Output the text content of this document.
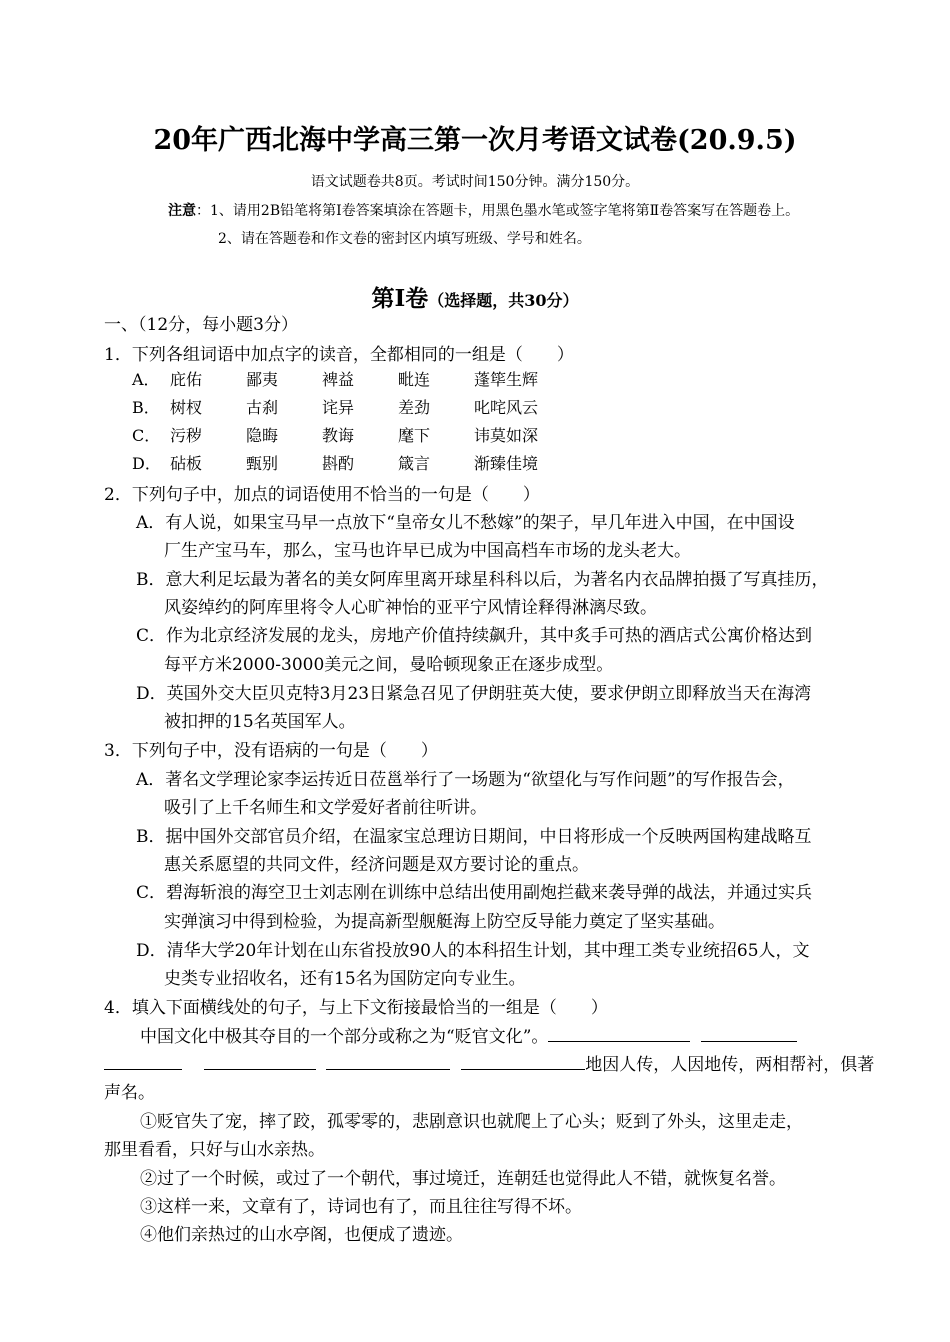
20年广西北海中学高三第一次月考语文试卷(20.9.5)
语文试题卷共8页。考试时间150分钟。满分150分。
注意：1、请用2B铅笔将第Ⅰ卷答案填涂在答题卡，用黑色墨水笔或签字笔将第Ⅱ卷答案写在答题卷上。
2、请在答题卷和作文卷的密封区内填写班级、学号和姓名。
第Ⅰ卷（选择题，共30分）
一、（12分，每小题3分）
1．下列各组词语中加点字的读音，全都相同的一组是（　　）
A． 庇佑	鄙夷	裨益	毗连	蓬筚生辉
B． 树杈	古刹	诧异	差劲	叱咤风云
C． 污秽	隐晦	教诲	麾下	讳莫如深
D． 砧板	甄别	斟酌	箴言	渐臻佳境
2．下列句子中，加点的词语使用不恰当的一句是（　　）
A．有人说，如果宝马早一点放下“皇帝女儿不愁嫁”的架子，早几年进入中国，在中国设
厂生产宝马车，那么，宝马也许早已成为中国高档车市场的龙头老大。
B．意大利足坛最为著名的美女阿库里离开球星科科以后，为著名内衣品牌拍摄了写真挂历，
风姿绰约的阿库里将令人心旷神怡的亚平宁风情诠释得淋漓尽致。
C．作为北京经济发展的龙头，房地产价值持续飙升，其中炙手可热的酒店式公寓价格达到
每平方米2000-3000美元之间，曼哈顿现象正在逐步成型。
D．英国外交大臣贝克特3月23日紧急召见了伊朗驻英大使，要求伊朗立即释放当天在海湾
被扣押的15名英国军人。
3．下列句子中，没有语病的一句是（　　）
A．著名文学理论家李运抟近日莅邕举行了一场题为“欲望化与写作问题”的写作报告会，
吸引了上千名师生和文学爱好者前往听讲。
B．据中国外交部官员介绍，在温家宝总理访日期间，中日将形成一个反映两国构建战略互
惠关系愿望的共同文件，经济问题是双方要讨论的重点。
C．碧海斩浪的海空卫士刘志刚在训练中总结出使用副炮拦截来袭导弹的战法，并通过实兵
实弹演习中得到检验，为提高新型舰艇海上防空反导能力奠定了坚实基础。
D．清华大学20年计划在山东省投放90人的本科招生计划，其中理工类专业统招65人，文
史类专业招收名，还有15名为国防定向专业生。
4．填入下面横线处的句子，与上下文衔接最恰当的一组是（　　）
中国文化中极其夺目的一个部分或称之为“贬官文化”。
地因人传，人因地传，两相帮衬，俱著
声名。
①贬官失了宠，摔了跤，孤零零的，悲剧意识也就爬上了心头；贬到了外头，这里走走，
那里看看，只好与山水亲热。
②过了一个时候，或过了一个朝代，事过境迁，连朝廷也觉得此人不错，就恢复名誉。
③这样一来，文章有了，诗词也有了，而且往往写得不坏。
④他们亲热过的山水亭阁，也便成了遗迹。
